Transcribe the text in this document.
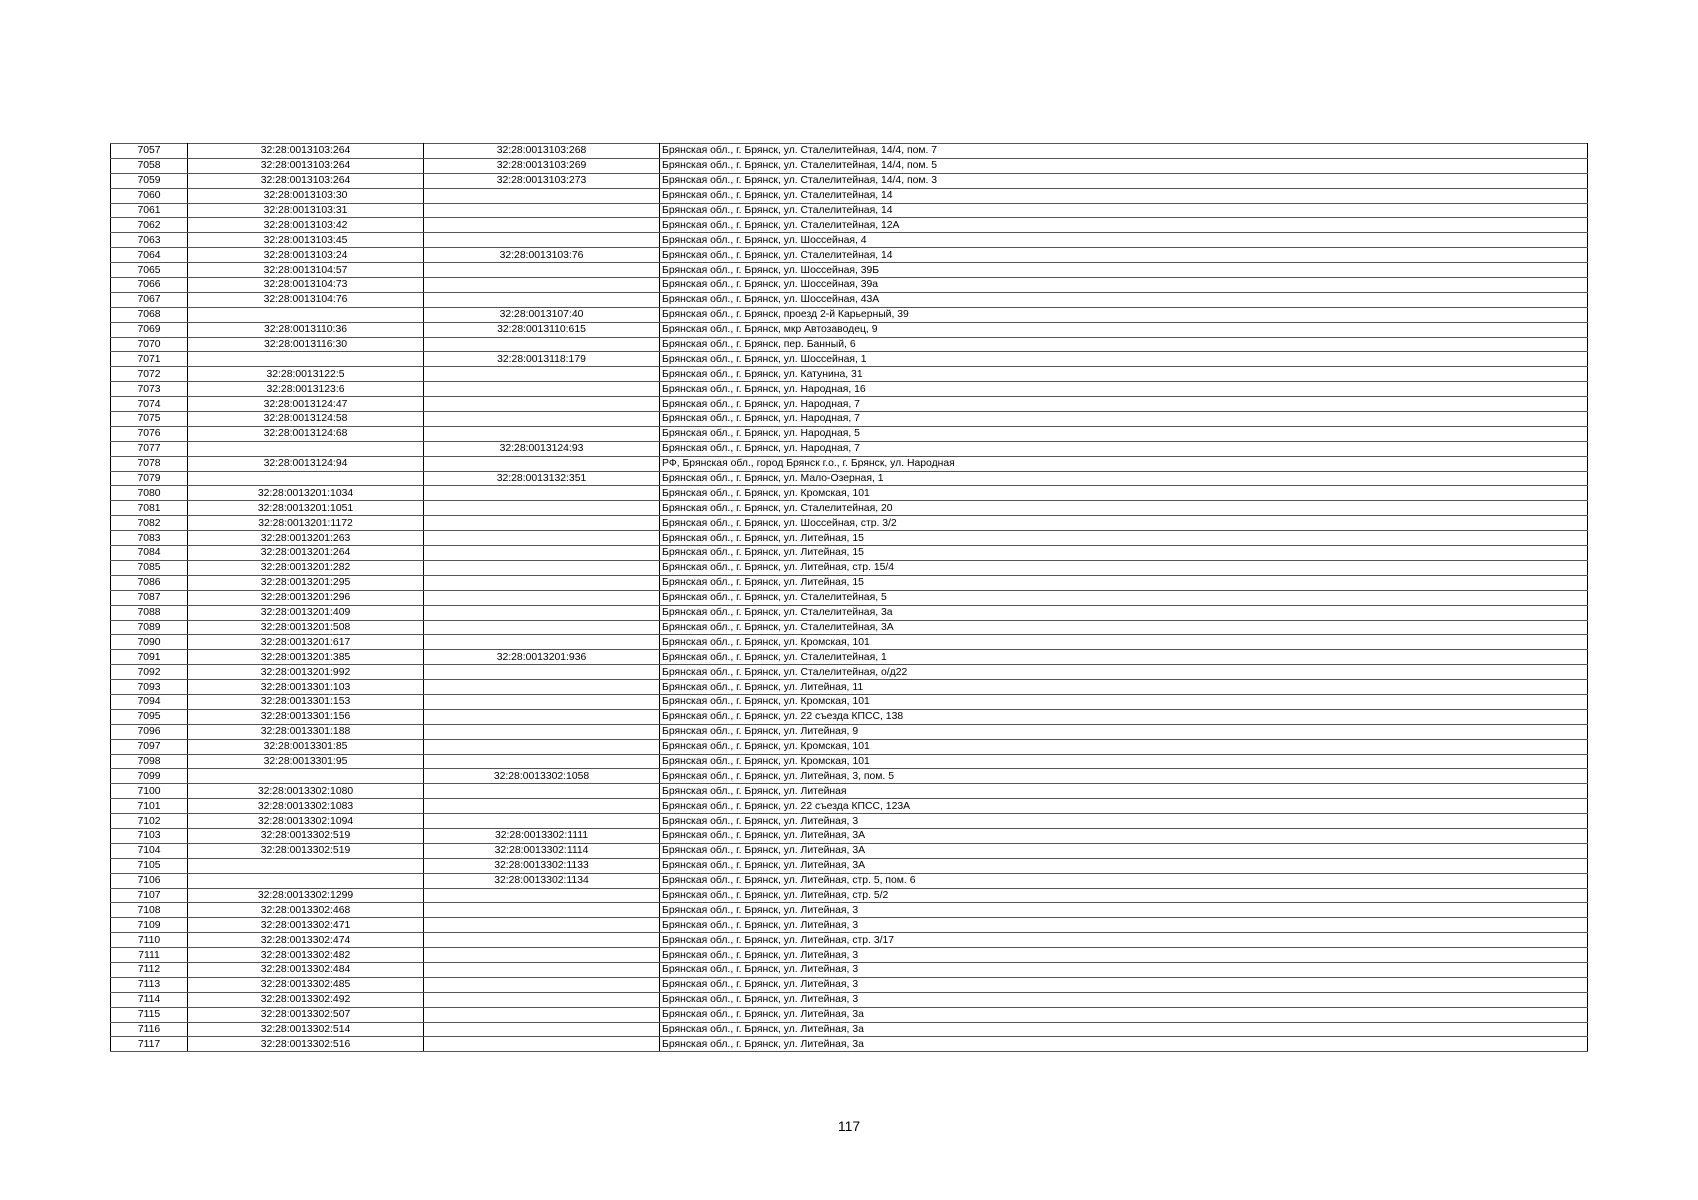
7057	32:28:0013103:264	32:28:0013103:268	Брянская обл., г. Брянск, ул. Сталелитейная, 14/4, пом. 7
7058	32:28:0013103:264	32:28:0013103:269	Брянская обл., г. Брянск, ул. Сталелитейная, 14/4, пом. 5
7059	32:28:0013103:264	32:28:0013103:273	Брянская обл., г. Брянск, ул. Сталелитейная, 14/4, пом. 3
7060	32:28:0013103:30		Брянская обл., г. Брянск, ул. Сталелитейная, 14
7061	32:28:0013103:31		Брянская обл., г. Брянск, ул. Сталелитейная, 14
7062	32:28:0013103:42		Брянская обл., г. Брянск, ул. Сталелитейная, 12А
7063	32:28:0013103:45		Брянская обл., г. Брянск, ул. Шоссейная, 4
7064	32:28:0013103:24	32:28:0013103:76	Брянская обл., г. Брянск, ул. Сталелитейная, 14
7065	32:28:0013104:57		Брянская обл., г. Брянск, ул. Шоссейная, 39Б
7066	32:28:0013104:73		Брянская обл., г. Брянск, ул. Шоссейная, 39а
7067	32:28:0013104:76		Брянская обл., г. Брянск, ул. Шоссейная, 43А
7068		32:28:0013107:40	Брянская обл., г. Брянск, проезд 2-й Карьерный, 39
7069	32:28:0013110:36	32:28:0013110:615	Брянская обл., г. Брянск, мкр Автозаводец, 9
7070	32:28:0013116:30		Брянская обл., г. Брянск, пер. Банный, 6
7071		32:28:0013118:179	Брянская обл., г. Брянск, ул. Шоссейная, 1
7072	32:28:0013122:5		Брянская обл., г. Брянск, ул. Катунина, 31
7073	32:28:0013123:6		Брянская обл., г. Брянск, ул. Народная, 16
7074	32:28:0013124:47		Брянская обл., г. Брянск, ул. Народная, 7
7075	32:28:0013124:58		Брянская обл., г. Брянск, ул. Народная, 7
7076	32:28:0013124:68		Брянская обл., г. Брянск, ул. Народная, 5
7077		32:28:0013124:93	Брянская обл., г. Брянск, ул. Народная, 7
7078	32:28:0013124:94		РФ, Брянская обл., город Брянск г.о., г. Брянск, ул. Народная
7079		32:28:0013132:351	Брянская обл., г. Брянск, ул. Мало-Озерная, 1
7080	32:28:0013201:1034		Брянская обл., г. Брянск, ул. Кромская, 101
7081	32:28:0013201:1051		Брянская обл., г. Брянск, ул. Сталелитейная, 20
7082	32:28:0013201:1172		Брянская обл., г. Брянск, ул. Шоссейная, стр. 3/2
7083	32:28:0013201:263		Брянская обл., г. Брянск, ул. Литейная, 15
7084	32:28:0013201:264		Брянская обл., г. Брянск, ул. Литейная, 15
7085	32:28:0013201:282		Брянская обл., г. Брянск, ул. Литейная, стр. 15/4
7086	32:28:0013201:295		Брянская обл., г. Брянск, ул. Литейная, 15
7087	32:28:0013201:296		Брянская обл., г. Брянск, ул. Сталелитейная, 5
7088	32:28:0013201:409		Брянская обл., г. Брянск, ул. Сталелитейная, 3а
7089	32:28:0013201:508		Брянская обл., г. Брянск, ул. Сталелитейная, 3А
7090	32:28:0013201:617		Брянская обл., г. Брянск, ул. Кромская, 101
7091	32:28:0013201:385	32:28:0013201:936	Брянская обл., г. Брянск, ул. Сталелитейная, 1
7092	32:28:0013201:992		Брянская обл., г. Брянск, ул. Сталелитейная, о/д22
7093	32:28:0013301:103		Брянская обл., г. Брянск, ул. Литейная, 11
7094	32:28:0013301:153		Брянская обл., г. Брянск, ул. Кромская, 101
7095	32:28:0013301:156		Брянская обл., г. Брянск, ул. 22 съезда КПСС, 138
7096	32:28:0013301:188		Брянская обл., г. Брянск, ул. Литейная, 9
7097	32:28:0013301:85		Брянская обл., г. Брянск, ул. Кромская, 101
7098	32:28:0013301:95		Брянская обл., г. Брянск, ул. Кромская, 101
7099		32:28:0013302:1058	Брянская обл., г. Брянск, ул. Литейная, 3, пом. 5
7100	32:28:0013302:1080		Брянская обл., г. Брянск, ул. Литейная
7101	32:28:0013302:1083		Брянская обл., г. Брянск, ул. 22 съезда КПСС, 123А
7102	32:28:0013302:1094		Брянская обл., г. Брянск, ул. Литейная, 3
7103	32:28:0013302:519	32:28:0013302:1111	Брянская обл., г. Брянск, ул. Литейная, 3А
7104	32:28:0013302:519	32:28:0013302:1114	Брянская обл., г. Брянск, ул. Литейная, 3А
7105		32:28:0013302:1133	Брянская обл., г. Брянск, ул. Литейная, 3А
7106		32:28:0013302:1134	Брянская обл., г. Брянск, ул. Литейная, стр. 5, пом. 6
7107	32:28:0013302:1299		Брянская обл., г. Брянск, ул. Литейная, стр. 5/2
7108	32:28:0013302:468		Брянская обл., г. Брянск, ул. Литейная, 3
7109	32:28:0013302:471		Брянская обл., г. Брянск, ул. Литейная, 3
7110	32:28:0013302:474		Брянская обл., г. Брянск, ул. Литейная, стр. 3/17
7111	32:28:0013302:482		Брянская обл., г. Брянск, ул. Литейная, 3
7112	32:28:0013302:484		Брянская обл., г. Брянск, ул. Литейная, 3
7113	32:28:0013302:485		Брянская обл., г. Брянск, ул. Литейная, 3
7114	32:28:0013302:492		Брянская обл., г. Брянск, ул. Литейная, 3
7115	32:28:0013302:507		Брянская обл., г. Брянск, ул. Литейная, 3а
7116	32:28:0013302:514		Брянская обл., г. Брянск, ул. Литейная, 3а
7117	32:28:0013302:516		Брянская обл., г. Брянск, ул. Литейная, 3а
117
